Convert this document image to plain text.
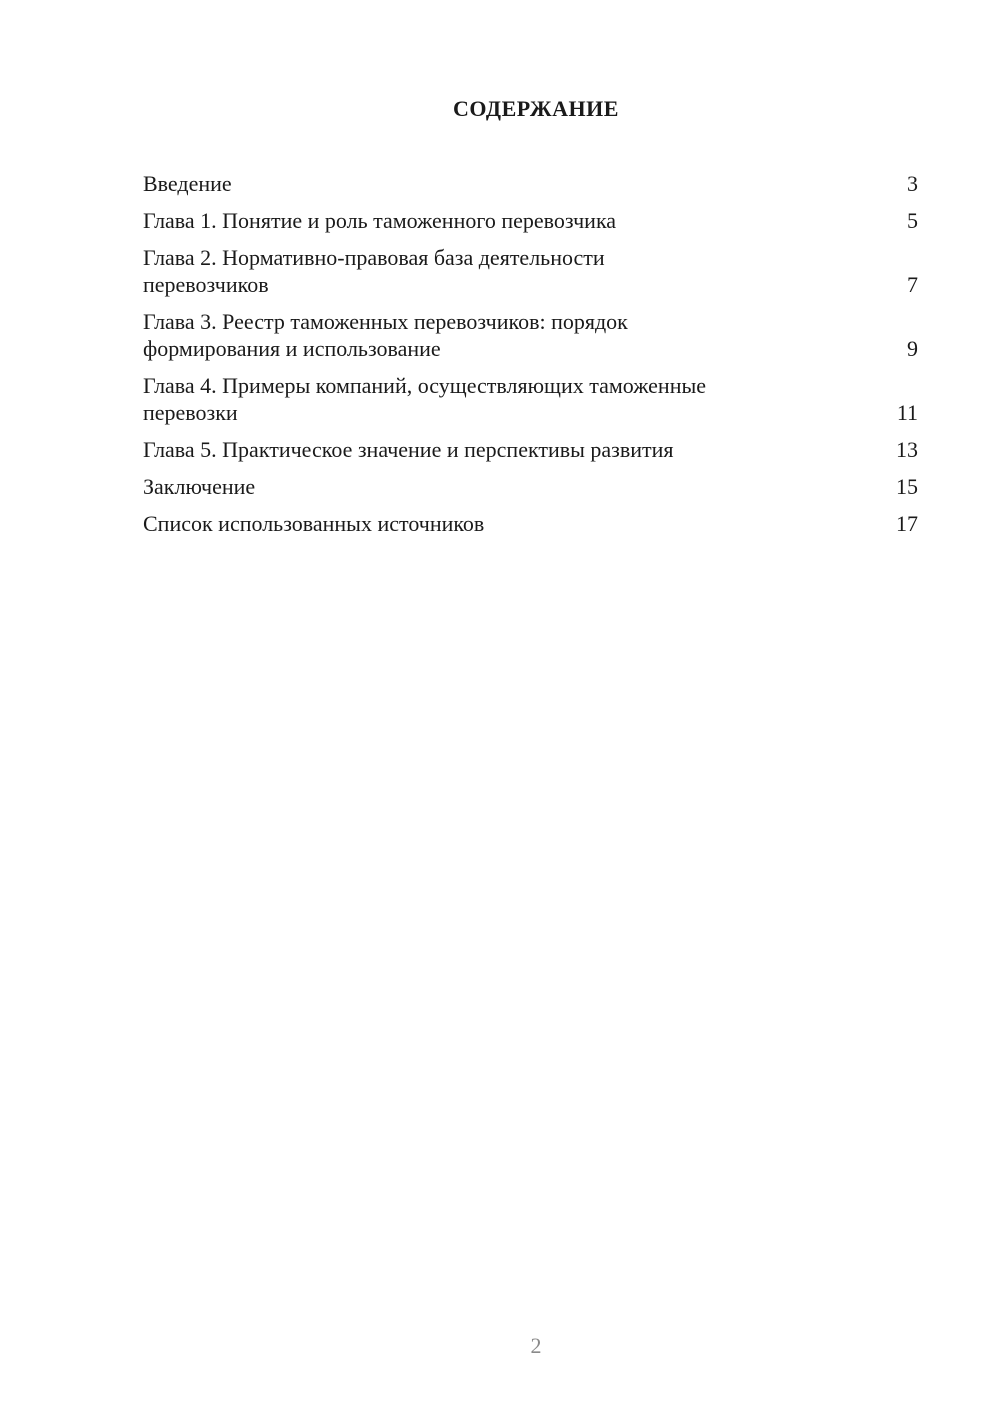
СОДЕРЖАНИЕ
Введение	3
Глава 1. Понятие и роль таможенного перевозчика	5
Глава 2. Нормативно-правовая база деятельности перевозчиков	7
Глава 3. Реестр таможенных перевозчиков: порядок формирования и использование	9
Глава 4. Примеры компаний, осуществляющих таможенные перевозки	11
Глава 5. Практическое значение и перспективы развития	13
Заключение	15
Список использованных источников	17
2
